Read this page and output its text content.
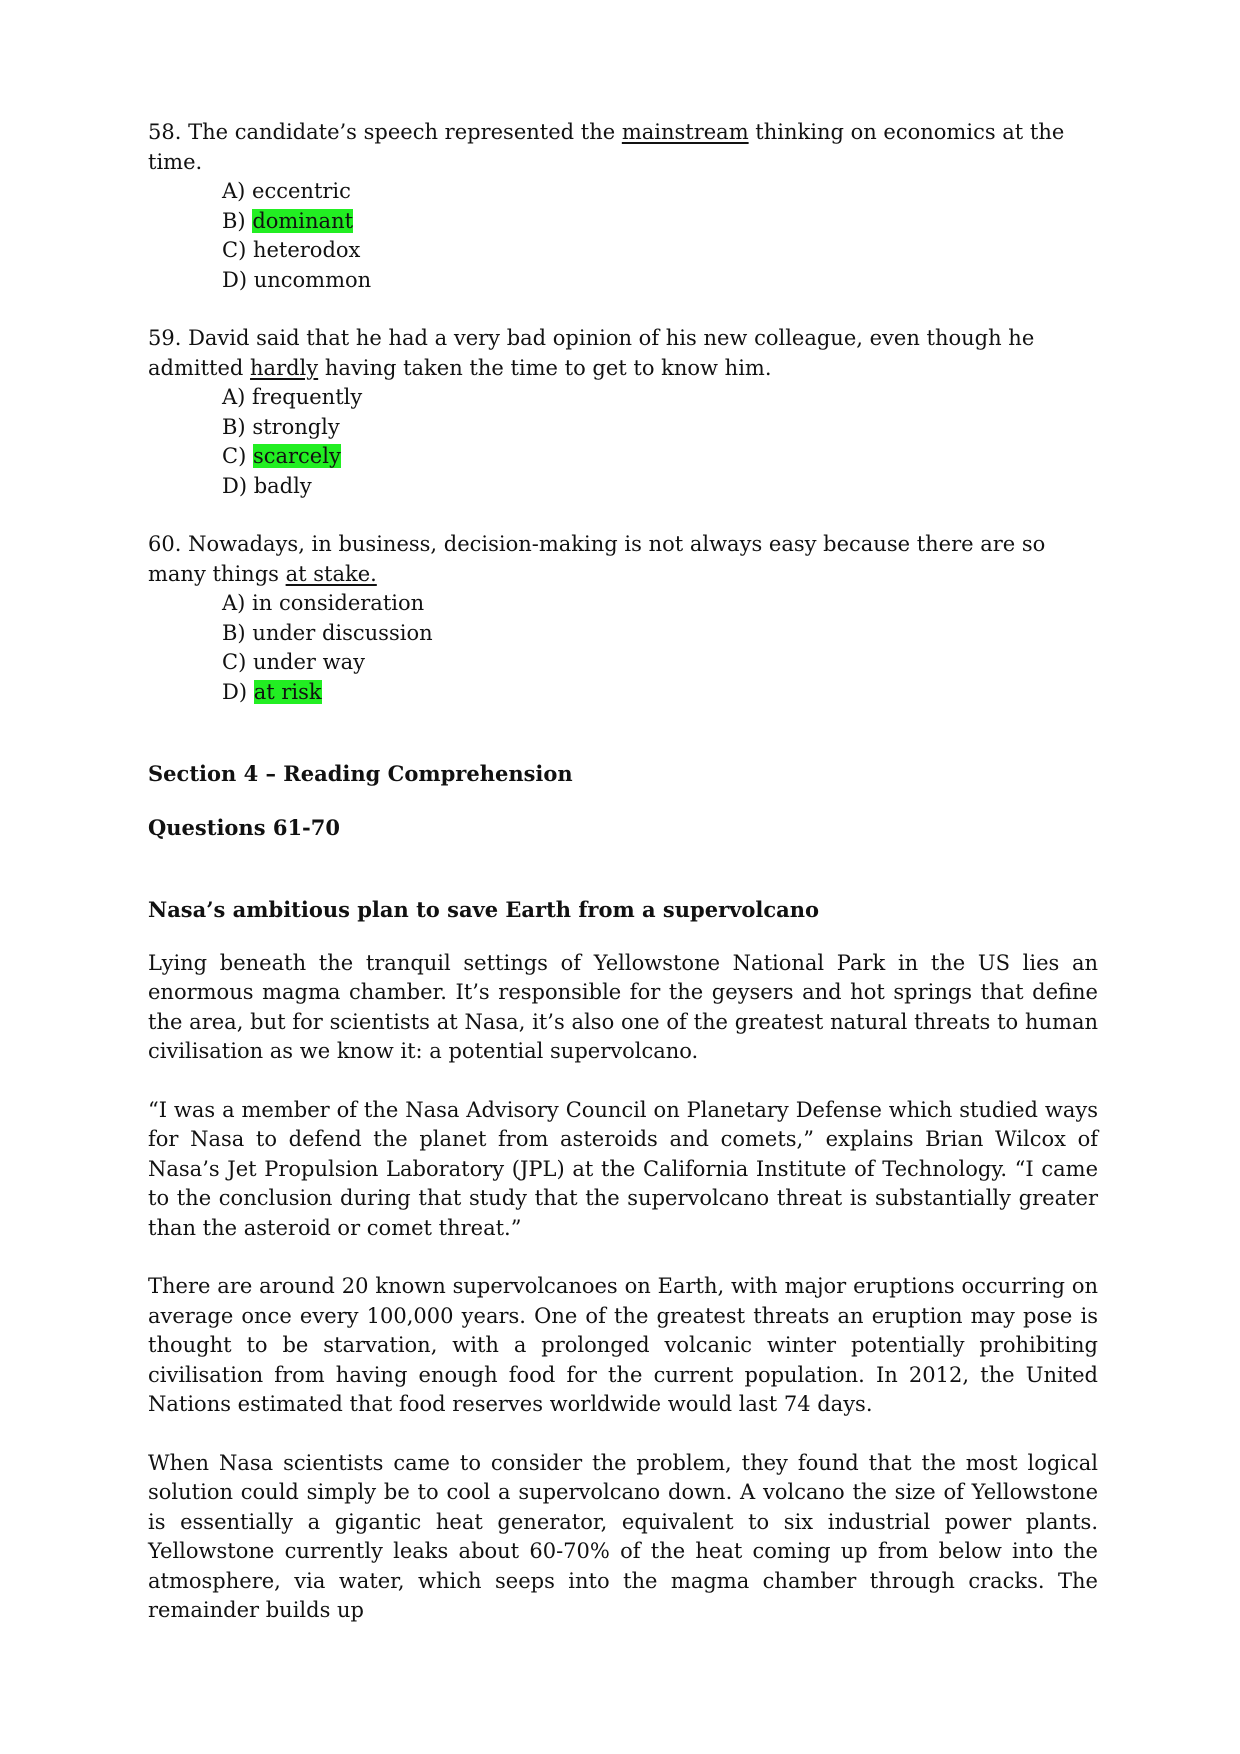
58. The candidate’s speech represented the mainstream thinking on economics at the time.

A) eccentric
B) dominant
C) heterodox
D) uncommon

59. David said that he had a very bad opinion of his new colleague, even though he admitted hardly having taken the time to get to know him.

A) frequently
B) strongly
C) scarcely
D) badly

60. Nowadays, in business, decision-making is not always easy because there are so many things at stake.

A) in consideration
B) under discussion
C) under way
D) at risk

Section 4 – Reading Comprehension

Questions 61-70

Nasa’s ambitious plan to save Earth from a supervolcano

Lying beneath the tranquil settings of Yellowstone National Park in the US lies an enormous magma chamber. It’s responsible for the geysers and hot springs that define the area, but for scientists at Nasa, it’s also one of the greatest natural threats to human civilisation as we know it: a potential supervolcano.

“I was a member of the Nasa Advisory Council on Planetary Defense which studied ways for Nasa to defend the planet from asteroids and comets,” explains Brian Wilcox of Nasa’s Jet Propulsion Laboratory (JPL) at the California Institute of Technology. “I came to the conclusion during that study that the supervolcano threat is substantially greater than the asteroid or comet threat.”

There are around 20 known supervolcanoes on Earth, with major eruptions occurring on average once every 100,000 years. One of the greatest threats an eruption may pose is thought to be starvation, with a prolonged volcanic winter potentially prohibiting civilisation from having enough food for the current population. In 2012, the United Nations estimated that food reserves worldwide would last 74 days.

When Nasa scientists came to consider the problem, they found that the most logical solution could simply be to cool a supervolcano down. A volcano the size of Yellowstone is essentially a gigantic heat generator, equivalent to six industrial power plants. Yellowstone currently leaks about 60-70% of the heat coming up from below into the atmosphere, via water, which seeps into the magma chamber through cracks. The remainder builds up
